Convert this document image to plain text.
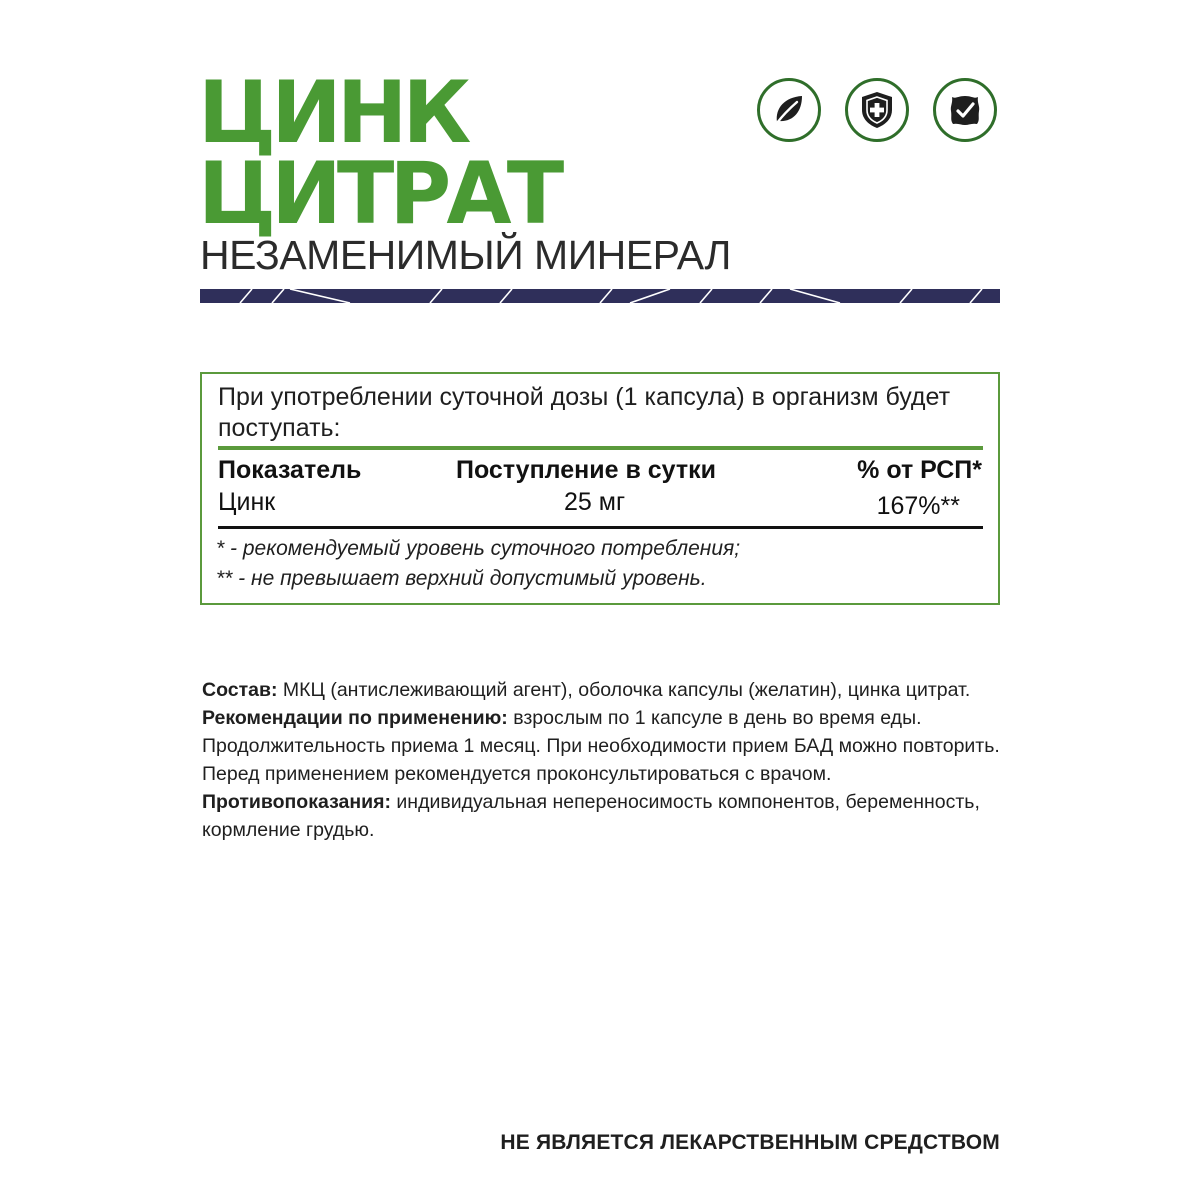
ЦИНК
ЦИТРАТ
НЕЗАМЕНИМЫЙ МИНЕРАЛ
При употреблении суточной дозы (1 капсула) в организм будет поступать:
Показатель	Поступление в сутки	% от РСП*
Цинк	25 мг	167%**
* - рекомендуемый уровень суточного потребления;
** - не превышает верхний допустимый уровень.

Состав: МКЦ (антислеживающий агент), оболочка капсулы (желатин), цинка цитрат.

Рекомендации по применению: взрослым по 1 капсуле в день во время еды. Продолжительность приема 1 месяц. При необходимости прием БАД можно повторить. Перед применением рекомендуется проконсультироваться с врачом.

Противопоказания: индивидуальная непереносимость компонентов, беременность, кормление грудью.

НЕ ЯВЛЯЕТСЯ ЛЕКАРСТВЕННЫМ СРЕДСТВОМ
